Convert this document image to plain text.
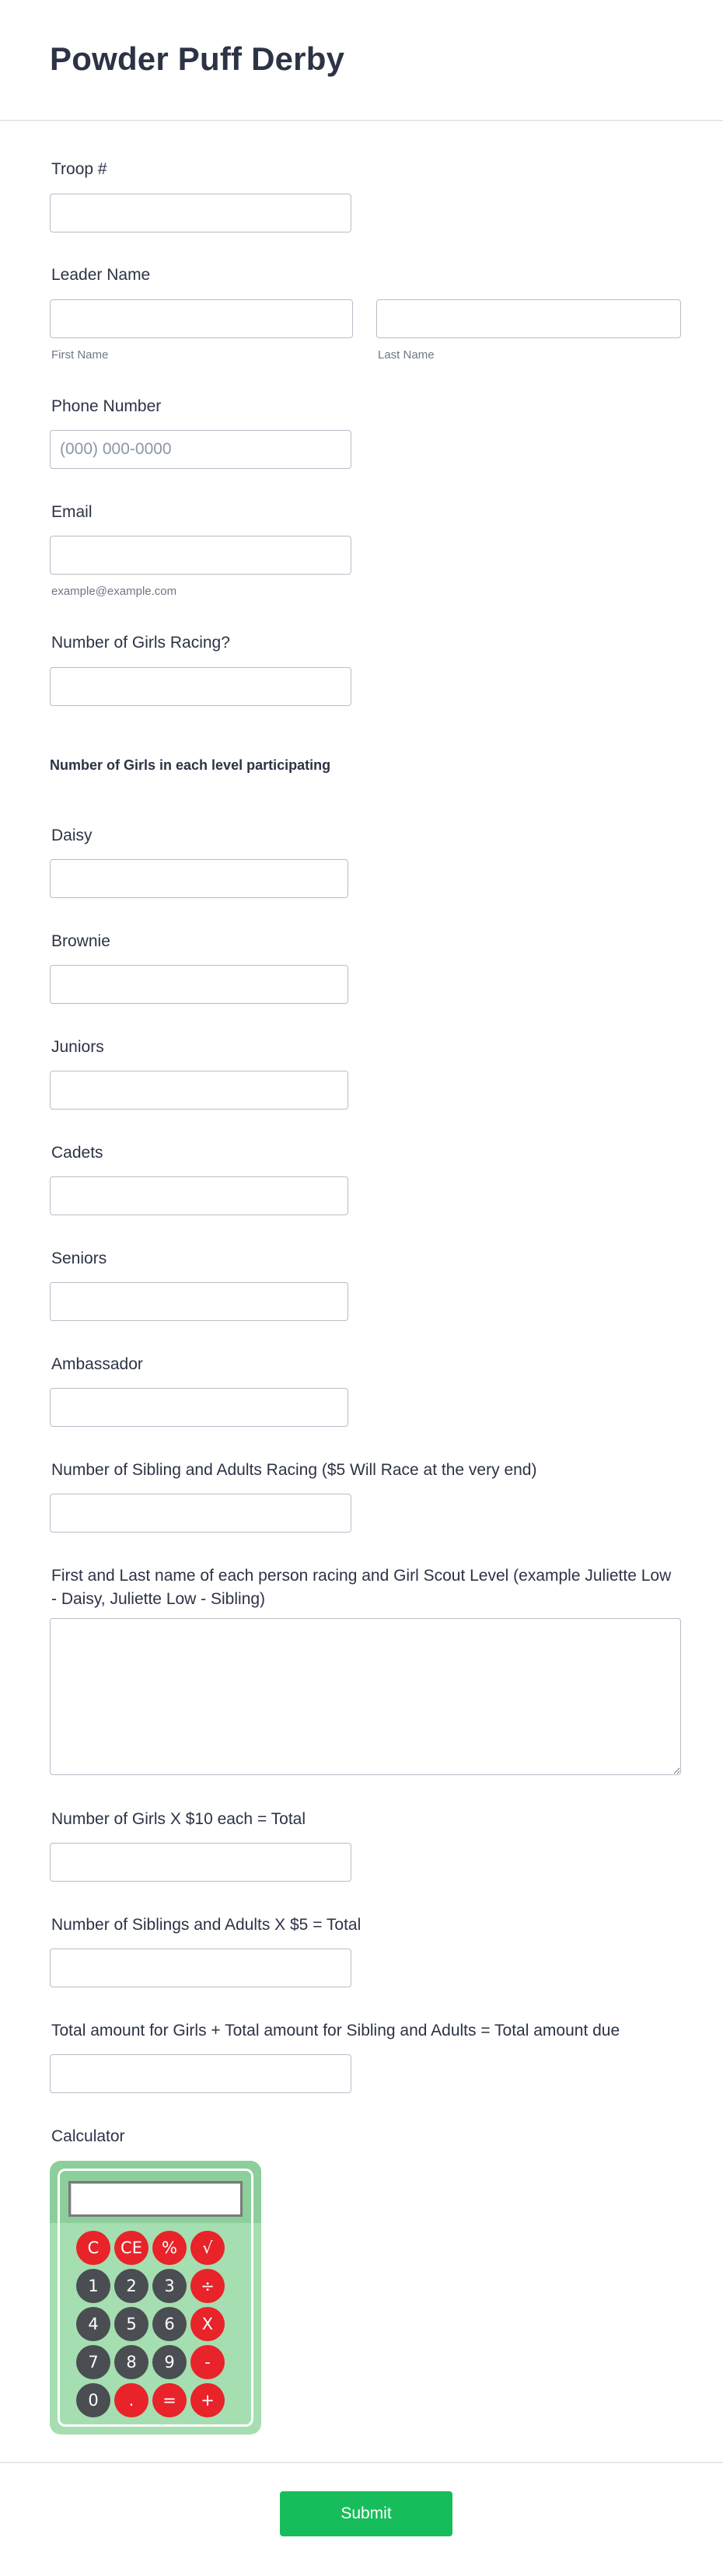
Powder Puff Derby
Troop #
Leader Name
First Name	Last Name
Phone Number
(000) 000-0000
Email
example@example.com
Number of Girls Racing?
Number of Girls in each level participating
Daisy
Brownie
Juniors
Cadets
Seniors
Ambassador
Number of Sibling and Adults Racing ($5 Will Race at the very end)
First and Last name of each person racing and Girl Scout Level (example Juliette Low - Daisy, Juliette Low - Sibling)
Number of Girls X $10 each = Total
Number of Siblings and Adults X $5 = Total
Total amount for Girls + Total amount for Sibling and Adults = Total amount due
Calculator
C	CE	%	√
1	2	3	÷
4	5	6	X
7	8	9	-
0	.	=	+
Submit
